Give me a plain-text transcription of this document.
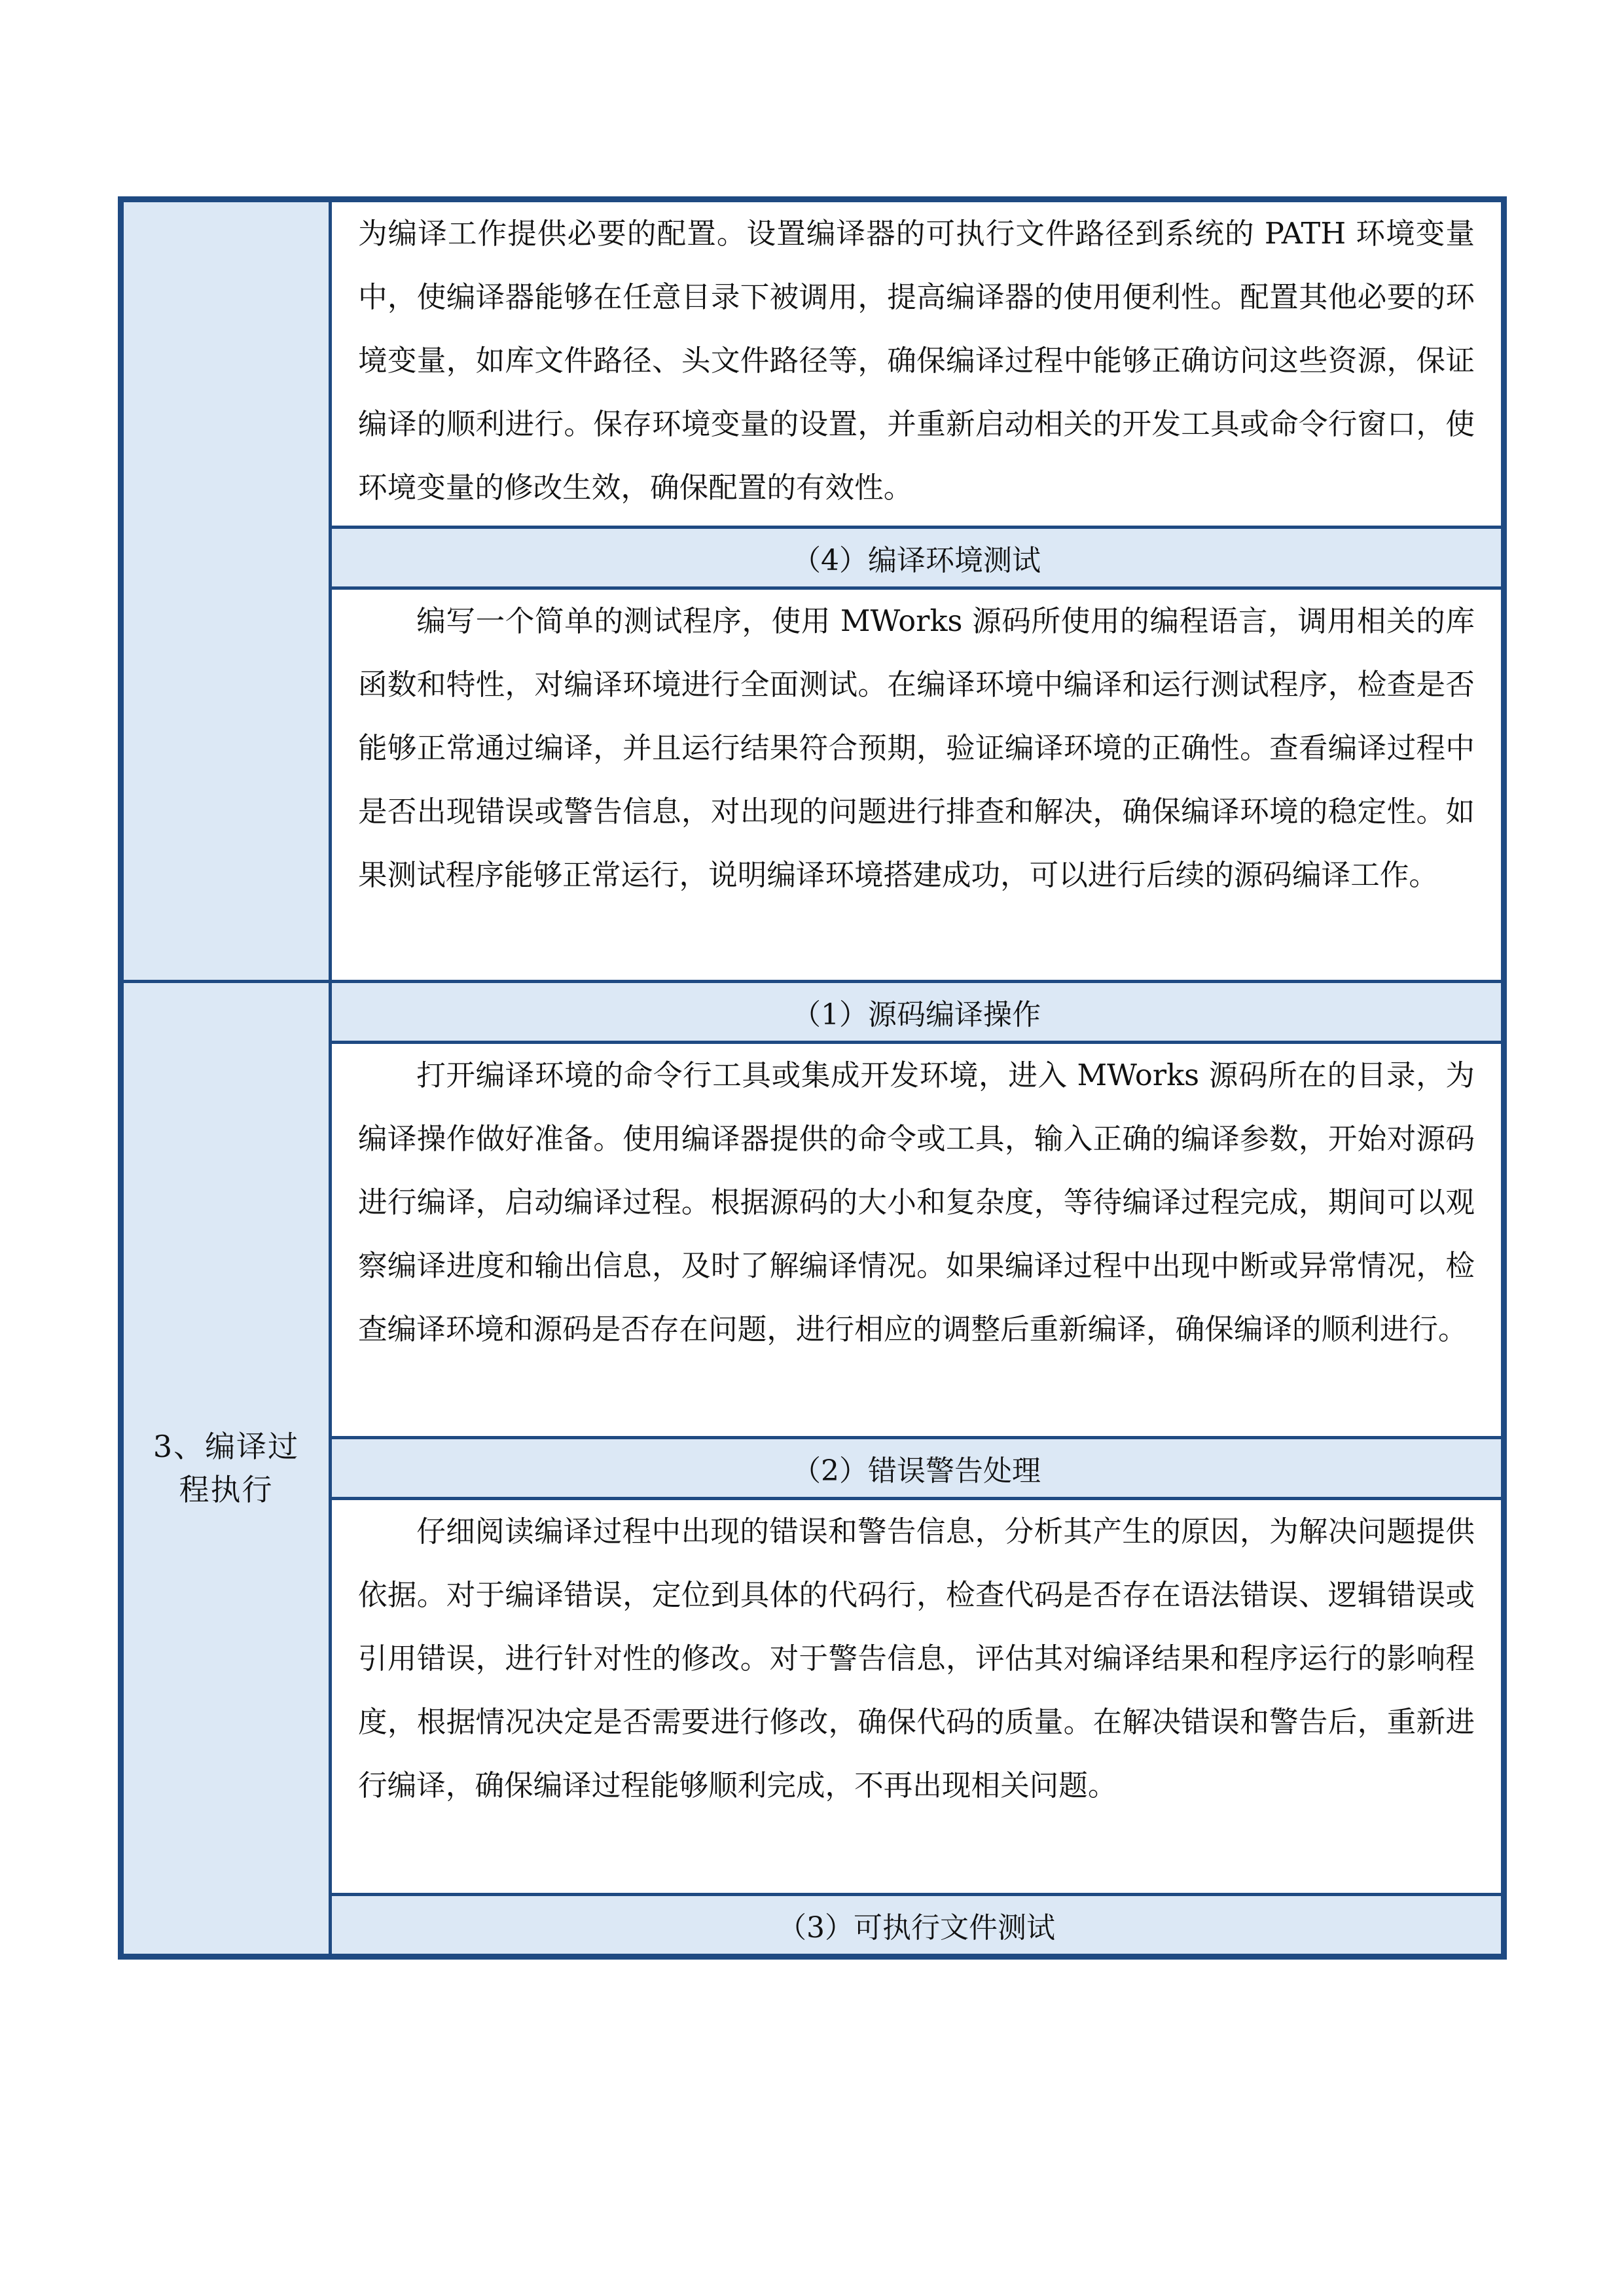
	为编译工作提供必要的配置。设置编译器的可执行文件路径到系统的 PATH 环境变量中，使编译器能够在任意目录下被调用，提高编译器的使用便利性。配置其他必要的环境变量，如库文件路径、头文件路径等，确保编译过程中能够正确访问这些资源，保证编译的顺利进行。保存环境变量的设置，并重新启动相关的开发工具或命令行窗口，使环境变量的修改生效，确保配置的有效性。

	（4）编译环境测试

	编写一个简单的测试程序，使用 MWorks 源码所使用的编程语言，调用相关的库函数和特性，对编译环境进行全面测试。在编译环境中编译和运行测试程序，检查是否能够正常通过编译，并且运行结果符合预期，验证编译环境的正确性。查看编译过程中是否出现错误或警告信息，对出现的问题进行排查和解决，确保编译环境的稳定性。如果测试程序能够正常运行，说明编译环境搭建成功，可以进行后续的源码编译工作。

3、编译过程执行	（1）源码编译操作

	打开编译环境的命令行工具或集成开发环境，进入 MWorks 源码所在的目录，为编译操作做好准备。使用编译器提供的命令或工具，输入正确的编译参数，开始对源码进行编译，启动编译过程。根据源码的大小和复杂度，等待编译过程完成，期间可以观察编译进度和输出信息，及时了解编译情况。如果编译过程中出现中断或异常情况，检查编译环境和源码是否存在问题，进行相应的调整后重新编译，确保编译的顺利进行。

	（2）错误警告处理

	仔细阅读编译过程中出现的错误和警告信息，分析其产生的原因，为解决问题提供依据。对于编译错误，定位到具体的代码行，检查代码是否存在语法错误、逻辑错误或引用错误，进行针对性的修改。对于警告信息，评估其对编译结果和程序运行的影响程度，根据情况决定是否需要进行修改，确保代码的质量。在解决错误和警告后，重新进行编译，确保编译过程能够顺利完成，不再出现相关问题。

	（3）可执行文件测试
